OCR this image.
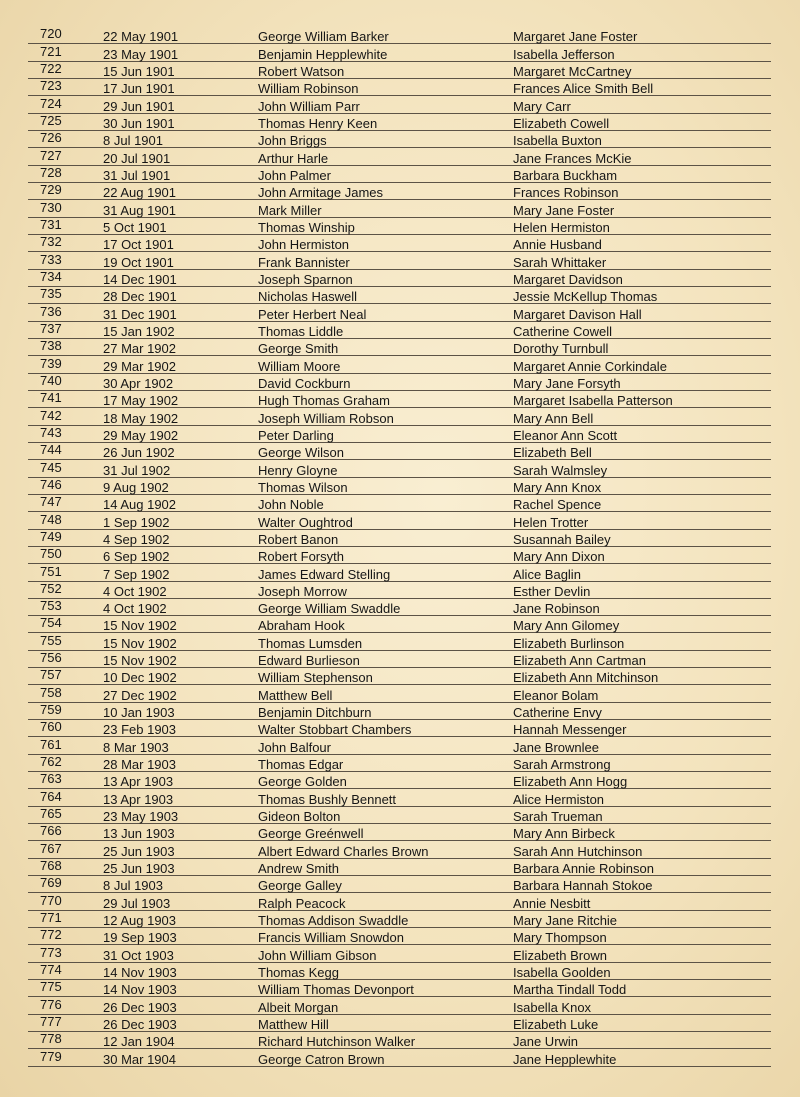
720	22 May 1901	George William Barker	Margaret Jane Foster
721	23 May 1901	Benjamin Hepplewhite	Isabella Jefferson
722	15 Jun 1901	Robert Watson	Margaret McCartney
723	17 Jun 1901	William Robinson	Frances Alice Smith Bell
724	29 Jun 1901	John William Parr	Mary Carr
725	30 Jun 1901	Thomas Henry Keen	Elizabeth Cowell
726	8 Jul 1901	John Briggs	Isabella Buxton
727	20 Jul 1901	Arthur Harle	Jane Frances McKie
728	31 Jul 1901	John Palmer	Barbara Buckham
729	22 Aug 1901	John Armitage James	Frances Robinson
730	31 Aug 1901	Mark Miller	Mary Jane Foster
731	5 Oct 1901	Thomas Winship	Helen Hermiston
732	17 Oct 1901	John Hermiston	Annie Husband
733	19 Oct 1901	Frank Bannister	Sarah Whittaker
734	14 Dec 1901	Joseph Sparnon	Margaret Davidson
735	28 Dec 1901	Nicholas Haswell	Jessie McKellup Thomas
736	31 Dec 1901	Peter Herbert Neal	Margaret Davison Hall
737	15 Jan 1902	Thomas Liddle	Catherine Cowell
738	27 Mar 1902	George Smith	Dorothy Turnbull
739	29 Mar 1902	William Moore	Margaret Annie Corkindale
740	30 Apr 1902	David Cockburn	Mary Jane Forsyth
741	17 May 1902	Hugh Thomas Graham	Margaret Isabella Patterson
742	18 May 1902	Joseph William Robson	Mary Ann Bell
743	29 May 1902	Peter Darling	Eleanor Ann Scott
744	26 Jun 1902	George Wilson	Elizabeth Bell
745	31 Jul 1902	Henry Gloyne	Sarah Walmsley
746	9 Aug 1902	Thomas Wilson	Mary Ann Knox
747	14 Aug 1902	John Noble	Rachel Spence
748	1 Sep 1902	Walter Oughtrod	Helen Trotter
749	4 Sep 1902	Robert Banon	Susannah Bailey
750	6 Sep 1902	Robert Forsyth	Mary Ann Dixon
751	7 Sep 1902	James Edward Stelling	Alice Baglin
752	4 Oct 1902	Joseph Morrow	Esther Devlin
753	4 Oct 1902	George William Swaddle	Jane Robinson
754	15 Nov 1902	Abraham Hook	Mary Ann Gilomey
755	15 Nov 1902	Thomas Lumsden	Elizabeth Burlinson
756	15 Nov 1902	Edward Burlieson	Elizabeth Ann Cartman
757	10 Dec 1902	William Stephenson	Elizabeth Ann Mitchinson
758	27 Dec 1902	Matthew Bell	Eleanor Bolam
759	10 Jan 1903	Benjamin Ditchburn	Catherine Envy
760	23 Feb 1903	Walter Stobbart Chambers	Hannah Messenger
761	8 Mar 1903	John Balfour	Jane Brownlee
762	28 Mar 1903	Thomas Edgar	Sarah Armstrong
763	13 Apr 1903	George Golden	Elizabeth Ann Hogg
764	13 Apr 1903	Thomas Bushly Bennett	Alice Hermiston
765	23 May 1903	Gideon Bolton	Sarah Trueman
766	13 Jun 1903	George Greénwell	Mary Ann Birbeck
767	25 Jun 1903	Albert Edward Charles Brown	Sarah Ann Hutchinson
768	25 Jun 1903	Andrew Smith	Barbara Annie Robinson
769	8 Jul 1903	George Galley	Barbara Hannah Stokoe
770	29 Jul 1903	Ralph Peacock	Annie Nesbitt
771	12 Aug 1903	Thomas Addison Swaddle	Mary Jane Ritchie
772	19 Sep 1903	Francis William Snowdon	Mary Thompson
773	31 Oct 1903	John William Gibson	Elizabeth Brown
774	14 Nov 1903	Thomas Kegg	Isabella Goolden
775	14 Nov 1903	William Thomas Devonport	Martha Tindall Todd
776	26 Dec 1903	Albeit Morgan	Isabella Knox
777	26 Dec 1903	Matthew Hill	Elizabeth Luke
778	12 Jan 1904	Richard Hutchinson Walker	Jane Urwin
779	30 Mar 1904	George Catron Brown	Jane Hepplewhite
